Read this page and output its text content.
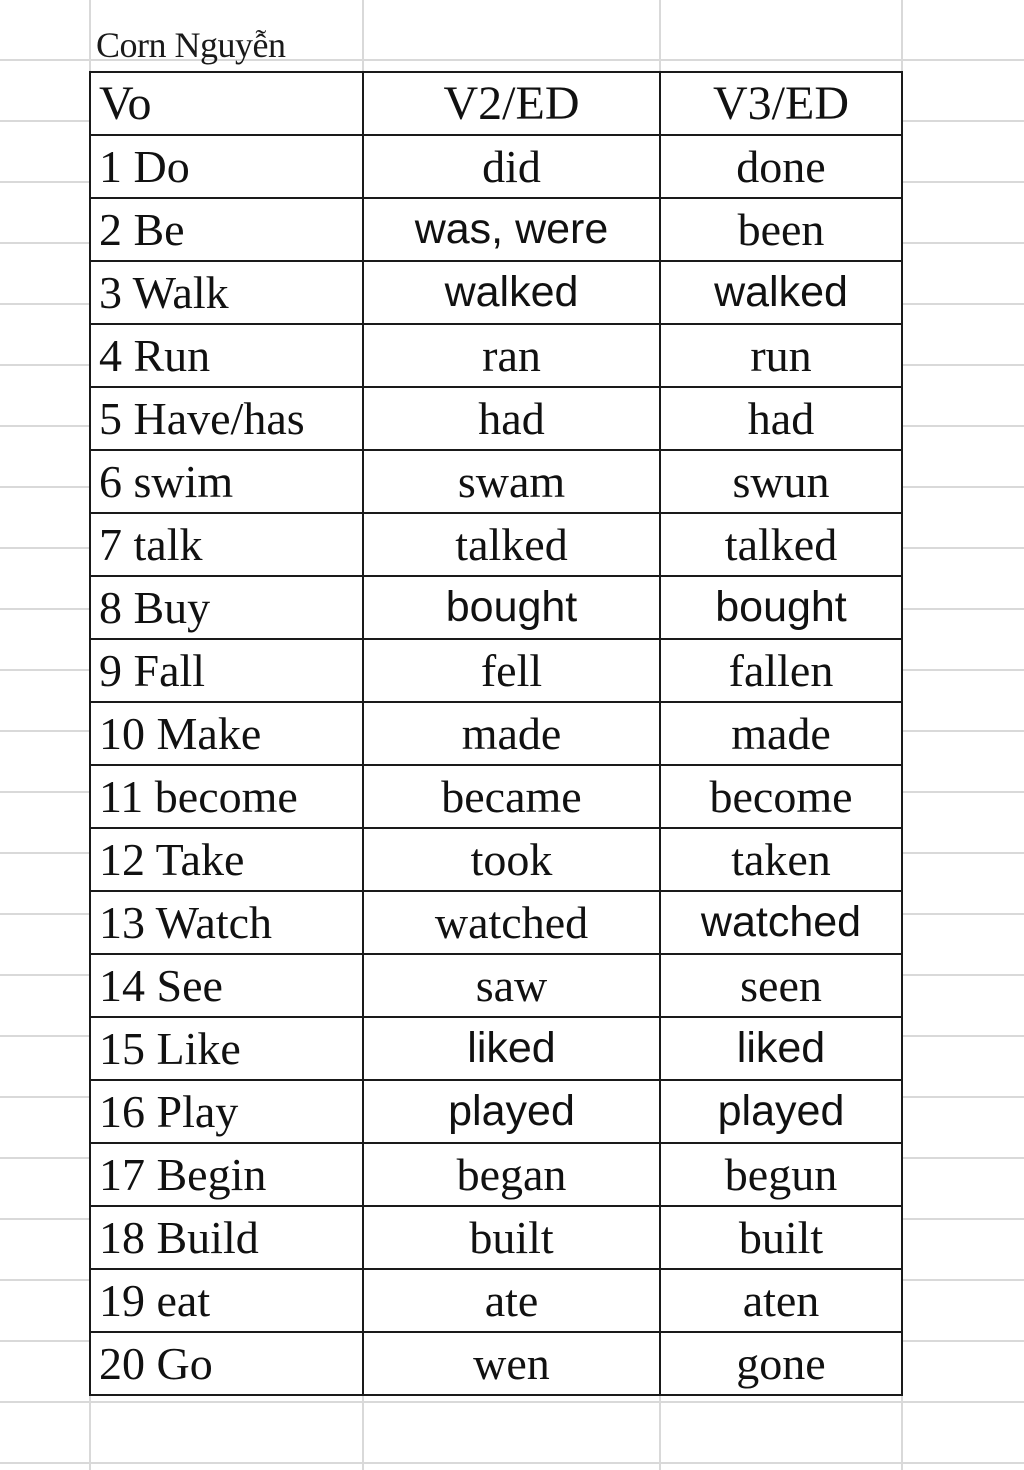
Corn Nguyễn
Vo	V2/ED	V3/ED
1 Do	did	done
2 Be	was, were	been
3 Walk	walked	walked
4 Run	ran	run
5 Have/has	had	had
6 swim	swam	swun
7 talk	talked	talked
8 Buy	bought	bought
9 Fall	fell	fallen
10 Make	made	made
11 become	became	become
12 Take	took	taken
13 Watch	watched	watched
14 See	saw	seen
15 Like	liked	liked
16 Play	played	played
17 Begin	began	begun
18 Build	built	built
19 eat	ate	aten
20 Go	wen	gone
